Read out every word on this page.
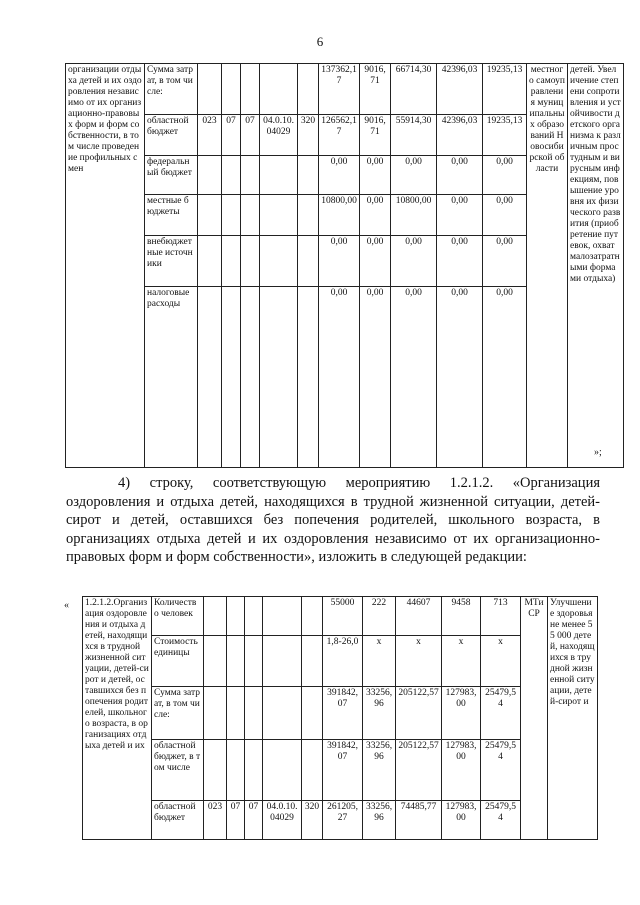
6
организации отдыха детей и их оздоровления независимо от их организационно-правовых форм и форм собственности, в том числе проведение профильных смен	Сумма затрат, в том числе:						137362,17	9016,71	66714,30	42396,03	19235,13	местного самоуправления муниципальных образований Новосибирской области	детей. Увеличение степени сопротивления и устойчивости детского организма к различным простудным и вирусным инфекциям, повышение уровня их физического развития (приобретение путевок, охват малозатратными формами отдыха)
	областной бюджет	023	07	07	04.0.10.04029	320	126562,17	9016,71	55914,30	42396,03	19235,13		
	федеральный бюджет						0,00	0,00	0,00	0,00	0,00		
	местные бюджеты						10800,00	0,00	10800,00	0,00	0,00		
	внебюджетные источники						0,00	0,00	0,00	0,00	0,00		
	налоговые расходы						0,00	0,00	0,00	0,00	0,00		
»;

4) строку, соответствующую мероприятию 1.2.1.2. «Организация

оздоровления и отдыха детей, находящихся в трудной жизненной ситуации, детей-сирот и детей, оставшихся без попечения родителей, школьного возраста, в организациях отдыха детей и их оздоровления независимо от их организационно-правовых форм и форм собственности», изложить в следующей редакции:

« 1.2.1.2.Организация оздоровления и отдыха детей, находящихся в трудной жизненной ситуации, детей-сирот и детей, оставшихся без попечения родителей, школьного возраста, в организациях отдыха детей и их	Количество человек						55000	222	44607	9458	713	МТиСР	Улучшение здоровья не менее 55 000 детей, находящихся в трудной жизненной ситуации, детей-сирот и
	Стоимость единицы						1,8-26,0	х	х	х	х		
	Сумма затрат, в том числе:						391842,07	33256,96	205122,57	127983,00	25479,54		
	областной бюджет, в том числе						391842,07	33256,96	205122,57	127983,00	25479,54		
	областной бюджет	023	07	07	04.0.10.04029	320	261205,27	33256,96	74485,77	127983,00	25479,54		
